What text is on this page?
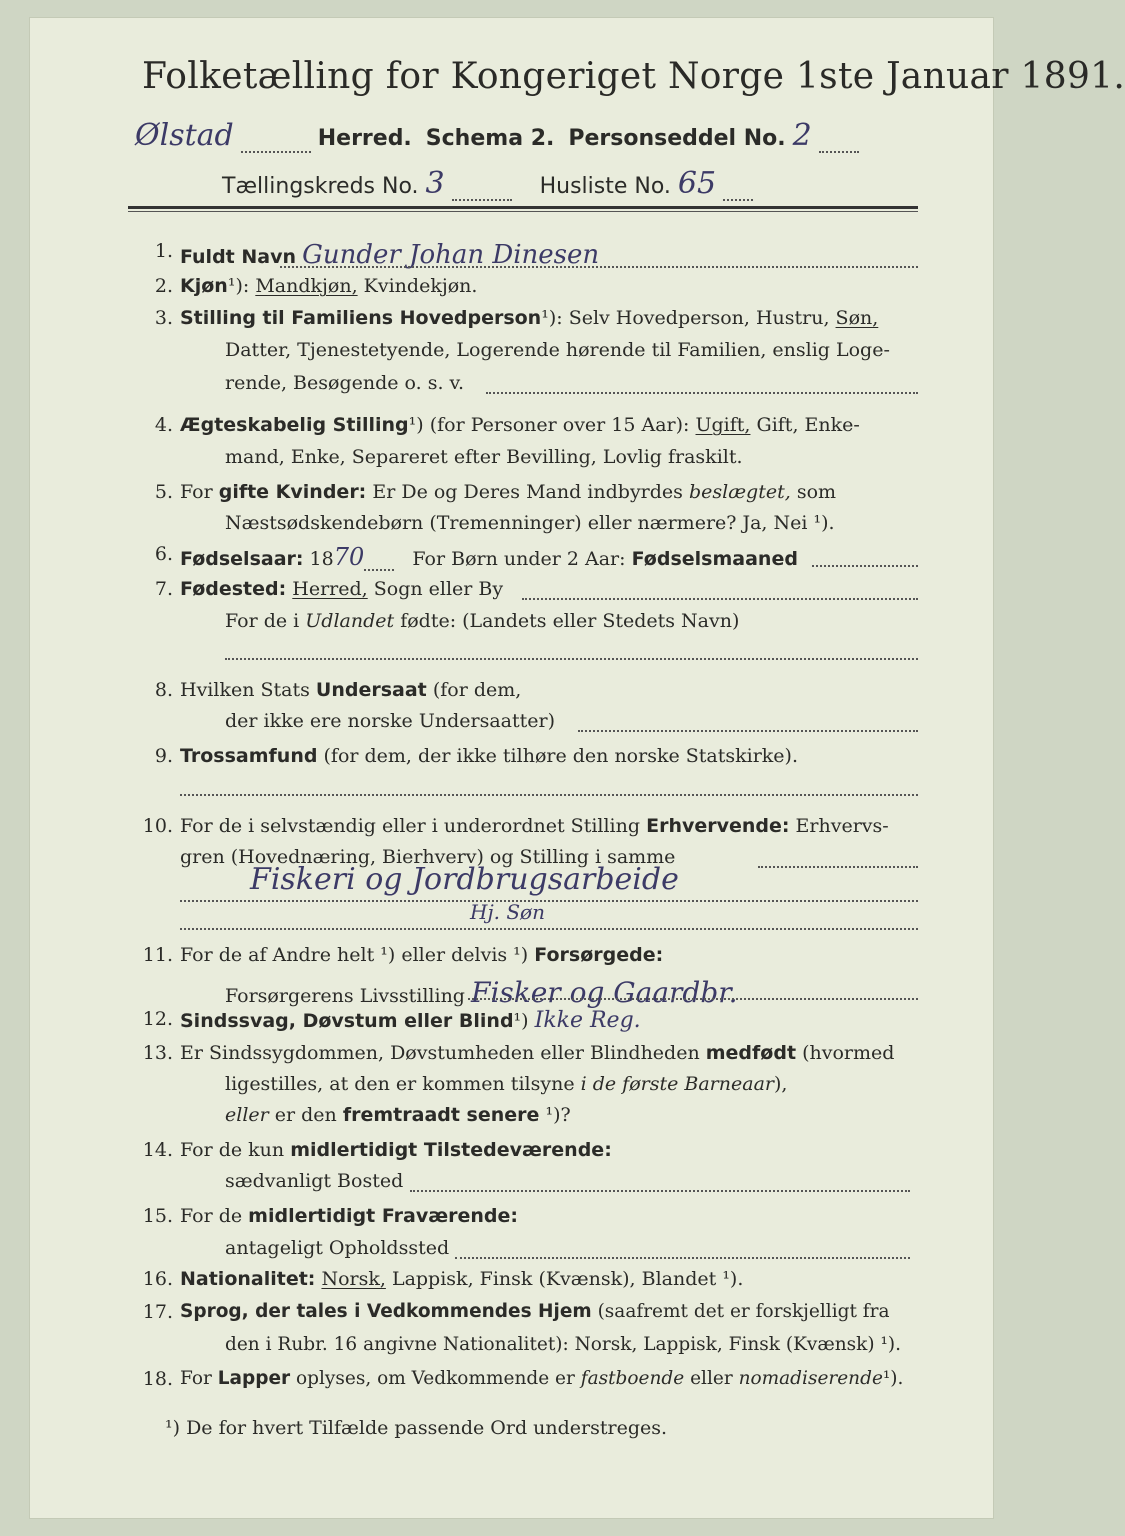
Folketælling for Kongeriget Norge 1ste Januar 1891.
Ølstad	Herred. Schema 2. Personseddel No. 2
Tællingskreds No. 3	Husliste No. 65
1. Fuldt Navn Gunder Johan Dinesen
2. Kjøn¹): Mandkjøn, Kvindekjøn.
3. Stilling til Familiens Hovedperson¹): Selv Hovedperson, Hustru, Søn,
Datter, Tjenestetyende, Logerende hørende til Familien, enslig Loge-
rende, Besøgende o. s. v.
4. Ægteskabelig Stilling¹) (for Personer over 15 Aar): Ugift, Gift, Enke-
mand, Enke, Separeret efter Bevilling, Lovlig fraskilt.
5. For gifte Kvinder: Er De og Deres Mand indbyrdes beslægtet, som
Næstsødskendebørn (Tremenninger) eller nærmere? Ja, Nei ¹).
6. Fødselsaar: 1870	For Børn under 2 Aar: Fødselsmaaned
7. Fødested: Herred, Sogn eller By
For de i Udlandet fødte: (Landets eller Stedets Navn)
8. Hvilken Stats Undersaat (for dem,
der ikke ere norske Undersaatter)
9. Trossamfund (for dem, der ikke tilhøre den norske Statskirke).
10. For de i selvstændig eller i underordnet Stilling Erhvervende: Erhvervs-
gren (Hovednæring, Bierhverv) og Stilling i samme
Fiskeri og Jordbrugsarbeide
Hj. Søn
11. For de af Andre helt ¹) eller delvis ¹) Forsørgede:
Forsørgerens Livsstilling Fisker og Gaardbr.
12. Sindssvag, Døvstum eller Blind¹) Ikke Reg.
13. Er Sindssygdommen, Døvstumheden eller Blindheden medfødt (hvormed
ligestilles, at den er kommen tilsyne i de første Barneaar),
eller er den fremtraadt senere ¹)?
14. For de kun midlertidigt Tilstedeværende:
sædvanligt Bosted
15. For de midlertidigt Fraværende:
antageligt Opholdssted
16. Nationalitet: Norsk, Lappisk, Finsk (Kvænsk), Blandet ¹).
17. Sprog, der tales i Vedkommendes Hjem (saafremt det er forskjelligt fra
den i Rubr. 16 angivne Nationalitet): Norsk, Lappisk, Finsk (Kvænsk) ¹).
18. For Lapper oplyses, om Vedkommende er fastboende eller nomadiserende¹).
¹) De for hvert Tilfælde passende Ord understreges.
